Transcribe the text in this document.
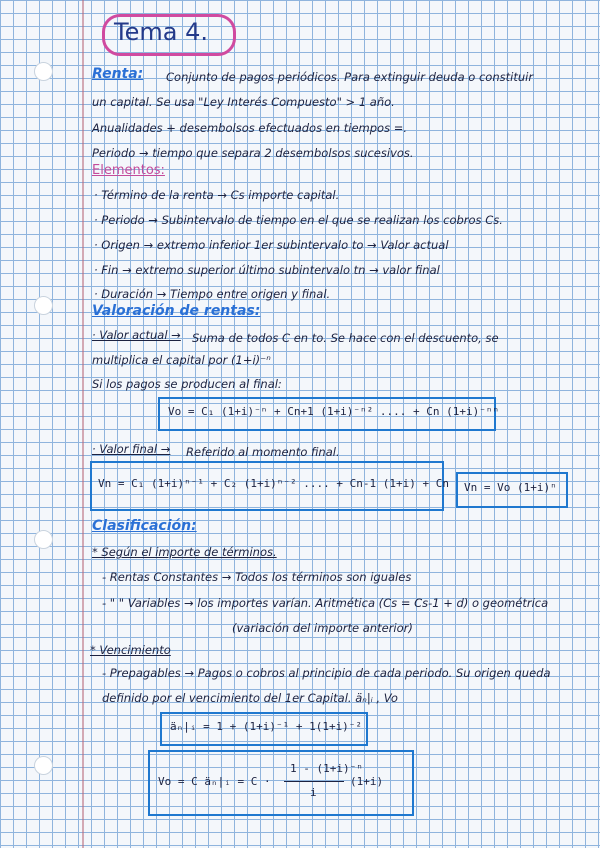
Tema 4.
Renta: Conjunto de pagos periódicos. Para extinguir deuda o constituir
un capital. Se usa "Ley Interés Compuesto" > 1 año.
Anualidades + desembolsos efectuados en tiempos =.
Periodo → tiempo que separa 2 desembolsos sucesivos.
Elementos:
· Término de la renta → Cs importe capital.
· Periodo → Subintervalo de tiempo en el que se realizan los cobros Cs.
· Origen → extremo inferior 1er subintervalo to → Valor actual
· Fin → extremo superior último subintervalo tn → valor final
· Duración → Tiempo entre origen y final.
Valoración de rentas:
· Valor actual → Suma de todos C en to. Se hace con el descuento, se
multiplica el capital por (1+i)⁻ⁿ
Si los pagos se producen al final:
Vo = C₁ (1+i)⁻ⁿ + Cn+1 (1+i)⁻ⁿ² .... + Cn (1+i)⁻ⁿⁿ
· Valor final → Referido al momento final.
Vn = C₁ (1+i)ⁿ⁻¹ + C₂ (1+i)ⁿ⁻² .... + Cn-1 (1+i) + Cn Vn = Vo (1+i)ⁿ
Clasificación:
* Según el importe de términos.
- Rentas Constantes → Todos los términos son iguales
- " " Variables → los importes varían. Aritmética (Cs = Cs-1 + d) o geométrica
(variación del importe anterior)
* Vencimiento
- Prepagables → Pagos o cobros al principio de cada periodo. Su origen queda
definido por el vencimiento del 1er Capital. äₙ|ᵢ , Vo
äₙ|ᵢ = 1 + (1+i)⁻¹ + 1(1+i)⁻²
Vo = C äₙ|ᵢ = C ·
1 - (1+i)⁻ⁿ
i
(1+i)
